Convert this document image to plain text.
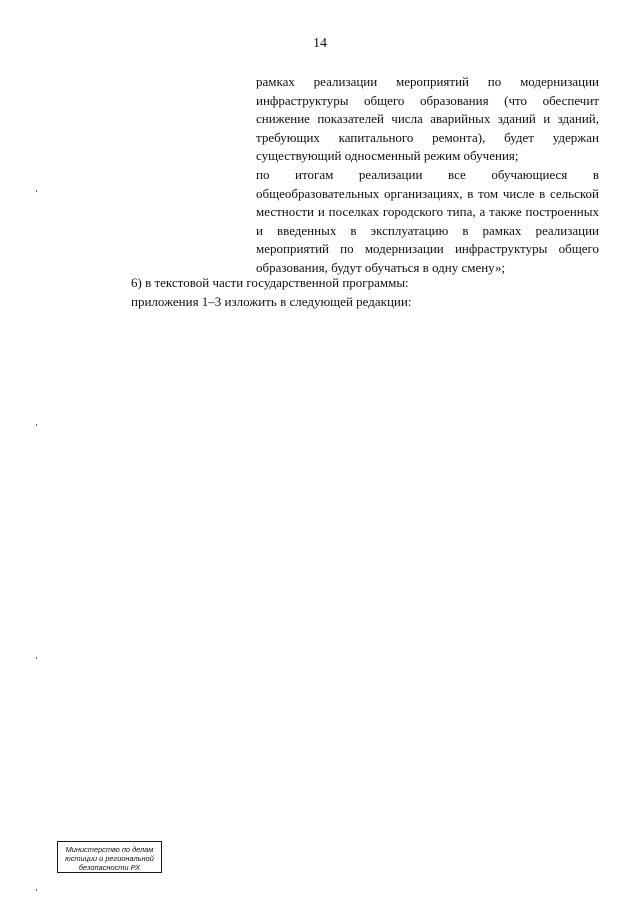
14

рамках реализации мероприятий по модернизации инфраструктуры общего образования (что обеспечит снижение показателей числа аварийных зданий и зданий, требующих капитального ремонта), будет удержан существующий односменный режим обучения;

по итогам реализации все обучающиеся в общеобразовательных организациях, в том числе в сельской местности и поселках городского типа, а также построенных и введенных в эксплуатацию в рамках реализации мероприятий по модернизации инфраструктуры общего образования, будут обучаться в одну смену»;

6) в текстовой части государственной программы:

приложения 1–3 изложить в следующей редакции:

Министерство по делам
юстиции и региональной
безопасности РХ
